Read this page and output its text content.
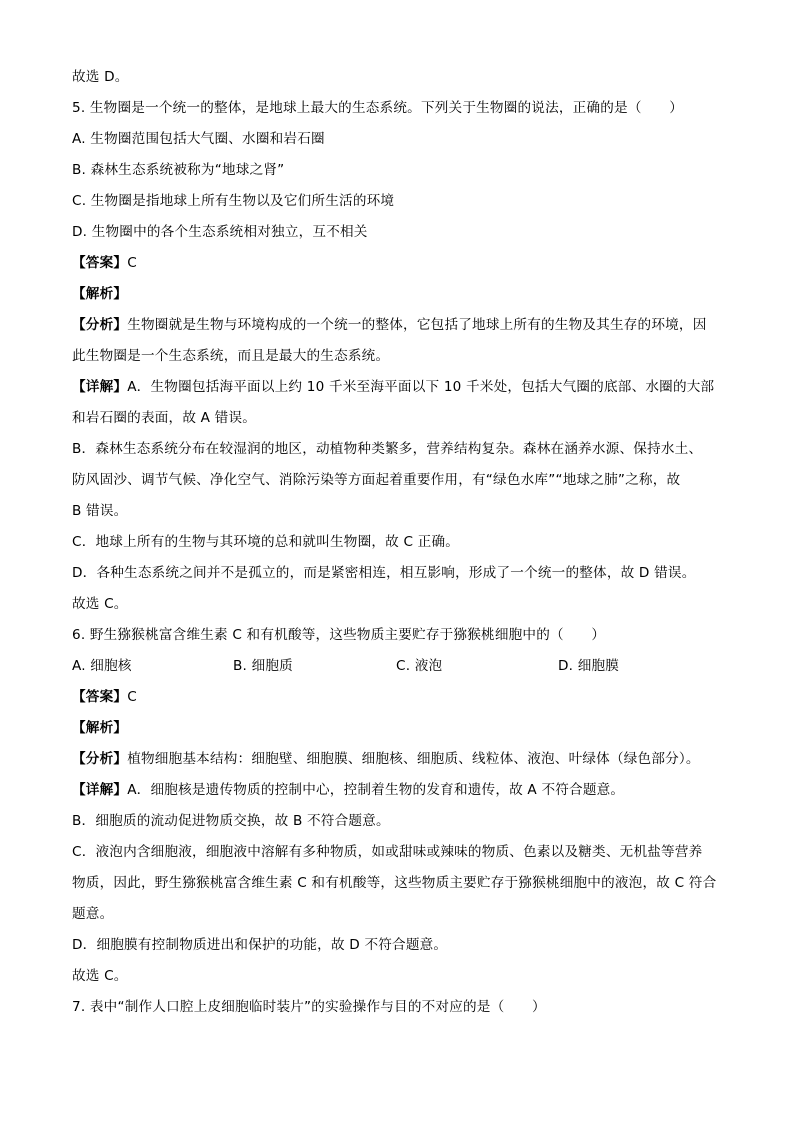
故选 D。
5. 生物圈是一个统一的整体，是地球上最大的生态系统。下列关于生物圈的说法，正确的是（　　）
A. 生物圈范围包括大气圈、水圈和岩石圈
B. 森林生态系统被称为“地球之肾”
C. 生物圈是指地球上所有生物以及它们所生活的环境
D. 生物圈中的各个生态系统相对独立，互不相关
【答案】C
【解析】
【分析】生物圈就是生物与环境构成的一个统一的整体，它包括了地球上所有的生物及其生存的环境，因
此生物圈是一个生态系统，而且是最大的生态系统。
【详解】A．生物圈包括海平面以上约 10 千米至海平面以下 10 千米处，包括大气圈的底部、水圈的大部
和岩石圈的表面，故 A 错误。
B．森林生态系统分布在较湿润的地区，动植物种类繁多，营养结构复杂。森林在涵养水源、保持水土、
防风固沙、调节气候、净化空气、消除污染等方面起着重要作用，有“绿色水库”“地球之肺”之称，故
B 错误。
C．地球上所有的生物与其环境的总和就叫生物圈，故 C 正确。
D．各种生态系统之间并不是孤立的，而是紧密相连，相互影响，形成了一个统一的整体，故 D 错误。
故选 C。
6. 野生猕猴桃富含维生素 C 和有机酸等，这些物质主要贮存于猕猴桃细胞中的（　　）
A. 细胞核	B. 细胞质	C. 液泡	D. 细胞膜
【答案】C
【解析】
【分析】植物细胞基本结构：细胞壁、细胞膜、细胞核、细胞质、线粒体、液泡、叶绿体（绿色部分）。
【详解】A．细胞核是遗传物质的控制中心，控制着生物的发育和遗传，故 A 不符合题意。
B．细胞质的流动促进物质交换，故 B 不符合题意。
C．液泡内含细胞液，细胞液中溶解有多种物质，如或甜味或辣味的物质、色素以及糖类、无机盐等营养
物质，因此，野生猕猴桃富含维生素 C 和有机酸等，这些物质主要贮存于猕猴桃细胞中的液泡，故 C 符合
题意。
D．细胞膜有控制物质进出和保护的功能，故 D 不符合题意。
故选 C。
7. 表中“制作人口腔上皮细胞临时装片”的实验操作与目的不对应的是（　　）
